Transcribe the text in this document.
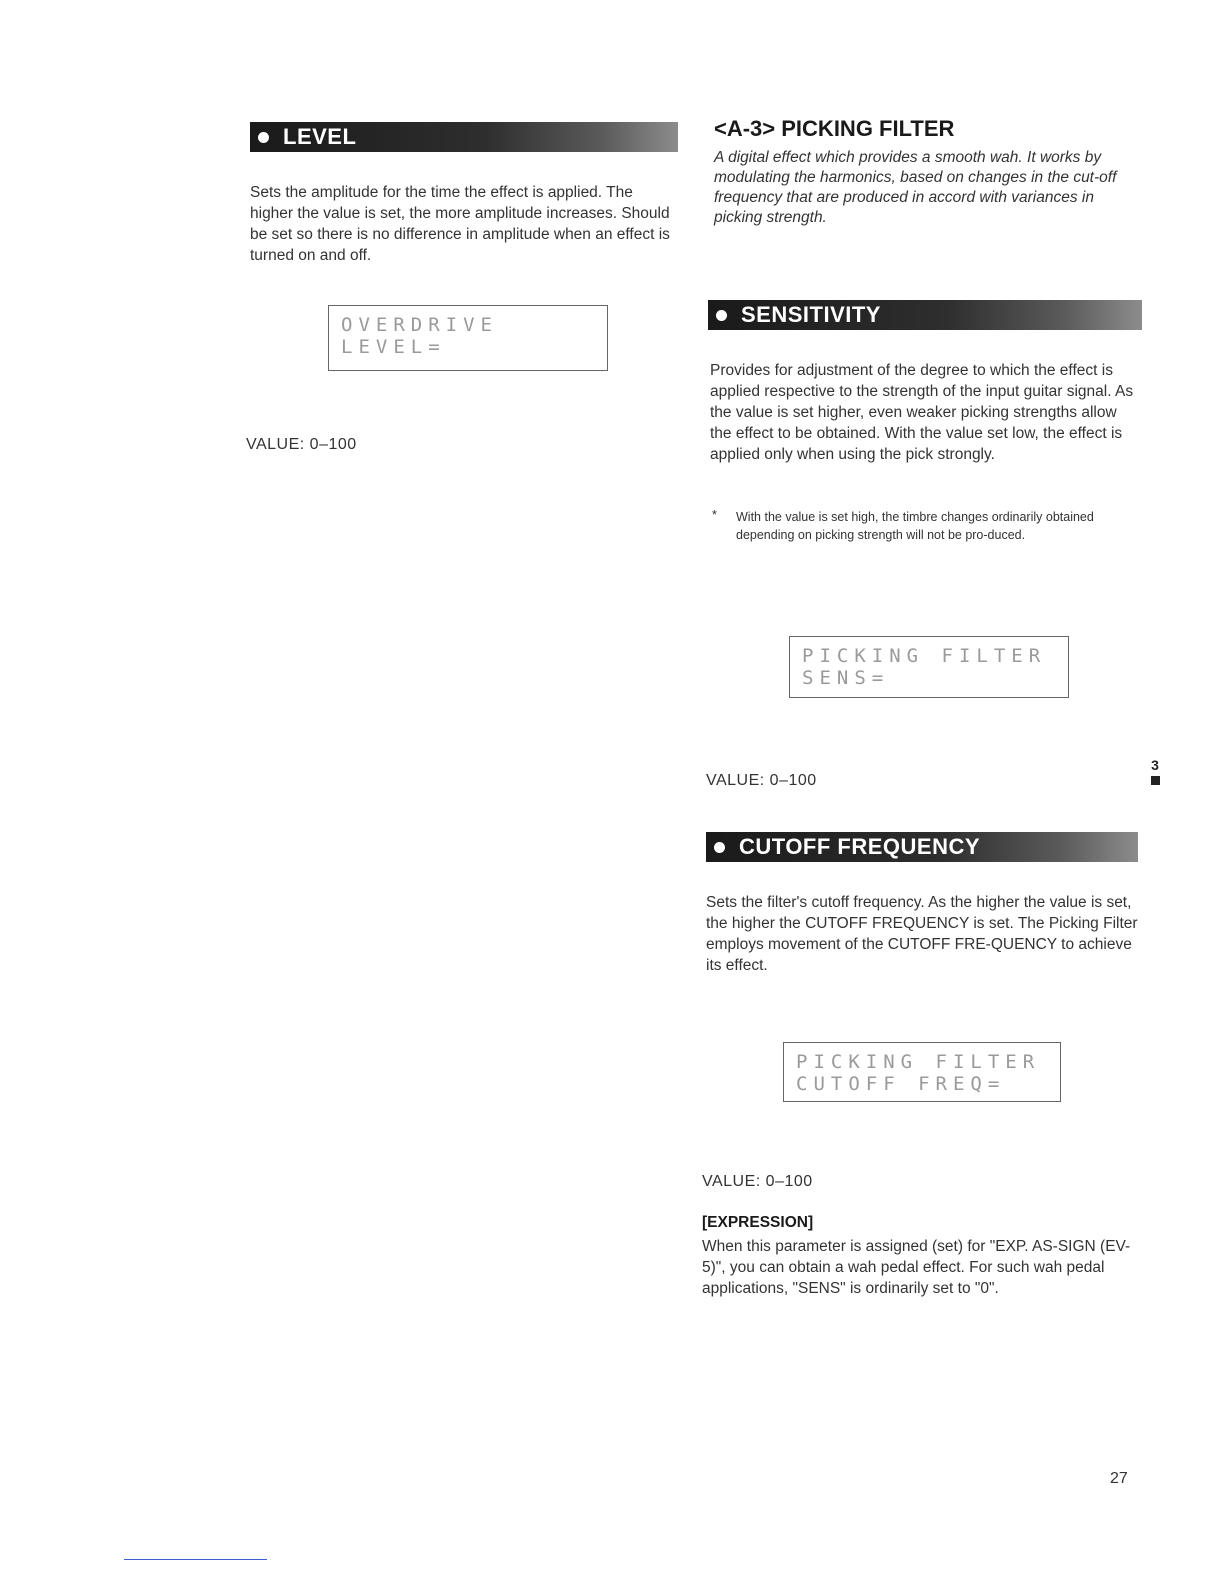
LEVEL
Sets the amplitude for the time the effect is applied. The higher the value is set, the more amplitude increases. Should be set so there is no difference in amplitude when an effect is turned on and off.
OVERDRIVE
LEVEL=
VALUE: 0–100
<A-3> PICKING FILTER
A digital effect which provides a smooth wah. It works by modulating the harmonics, based on changes in the cut-off frequency that are produced in accord with variances in picking strength.
SENSITIVITY
Provides for adjustment of the degree to which the effect is applied respective to the strength of the input guitar signal. As the value is set higher, even weaker picking strengths allow the effect to be obtained. With the value set low, the effect is applied only when using the pick strongly.
* With the value is set high, the timbre changes ordinarily obtained depending on picking strength will not be pro-duced.
PICKING FILTER
SENS=
VALUE: 0–100
CUTOFF FREQUENCY
Sets the filter's cutoff frequency. As the higher the value is set, the higher the CUTOFF FREQUENCY is set. The Picking Filter employs movement of the CUTOFF FRE-QUENCY to achieve its effect.
PICKING FILTER
CUTOFF FREQ=
VALUE: 0–100
[EXPRESSION]
When this parameter is assigned (set) for "EXP. AS-SIGN (EV-5)", you can obtain a wah pedal effect. For such wah pedal applications, "SENS" is ordinarily set to "0".
3
27
